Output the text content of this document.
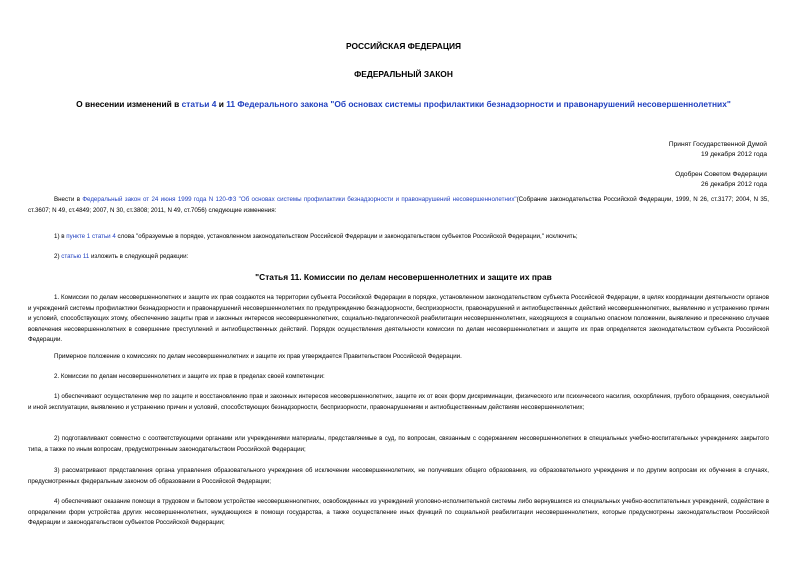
РОССИЙСКАЯ ФЕДЕРАЦИЯ
ФЕДЕРАЛЬНЫЙ ЗАКОН
О внесении изменений в статьи 4 и 11 Федерального закона "Об основах системы профилактики безнадзорности и правонарушений несовершеннолетних"
Принят Государственной Думой
19 декабря 2012 года
Одобрен Советом Федерации
26 декабря 2012 года
Внести в Федеральный закон от 24 июня 1999 года N 120-ФЗ "Об основах системы профилактики безнадзорности и правонарушений несовершеннолетних"(Собрание законодательства Российской Федерации, 1999, N 26, ст.3177; 2004, N 35, ст.3607; N 49, ст.4849; 2007, N 30, ст.3808; 2011, N 49, ст.7056) следующие изменения:
1) в пункте 1 статьи 4 слова "образуемые в порядке, установленном законодательством Российской Федерации и законодательством субъектов Российской Федерации," исключить;
2) статью 11 изложить в следующей редакции:
"Статья 11. Комиссии по делам несовершеннолетних и защите их прав
1. Комиссии по делам несовершеннолетних и защите их прав создаются на территории субъекта Российской Федерации в порядке, установленном законодательством субъекта Российской Федерации, в целях координации деятельности органов и учреждений системы профилактики безнадзорности и правонарушений несовершеннолетних по предупреждению безнадзорности, беспризорности, правонарушений и антиобщественных действий несовершеннолетних, выявлению и устранению причин и условий, способствующих этому, обеспечению защиты прав и законных интересов несовершеннолетних, социально-педагогической реабилитации несовершеннолетних, находящихся в социально опасном положении, выявлению и пресечению случаев вовлечения несовершеннолетних в совершение преступлений и антиобщественных действий. Порядок осуществления деятельности комиссии по делам несовершеннолетних и защите их прав определяется законодательством субъекта Российской Федерации.
Примерное положение о комиссиях по делам несовершеннолетних и защите их прав утверждается Правительством Российской Федерации.
2. Комиссии по делам несовершеннолетних и защите их прав в пределах своей компетенции:
1) обеспечивают осуществление мер по защите и восстановлению прав и законных интересов несовершеннолетних, защите их от всех форм дискриминации, физического или психического насилия, оскорбления, грубого обращения, сексуальной и иной эксплуатации, выявлению и устранению причин и условий, способствующих безнадзорности, беспризорности, правонарушениям и антиобщественным действиям несовершеннолетних;
2) подготавливают совместно с соответствующими органами или учреждениями материалы, представляемые в суд, по вопросам, связанным с содержанием несовершеннолетних в специальных учебно-воспитательных учреждениях закрытого типа, а также по иным вопросам, предусмотренным законодательством Российской Федерации;
3) рассматривают представления органа управления образовательного учреждения об исключении несовершеннолетних, не получивших общего образования, из образовательного учреждения и по другим вопросам их обучения в случаях, предусмотренных федеральным законом об образовании в Российской Федерации;
4) обеспечивают оказание помощи в трудовом и бытовом устройстве несовершеннолетних, освобожденных из учреждений уголовно-исполнительной системы либо вернувшихся из специальных учебно-воспитательных учреждений, содействие в определении форм устройства других несовершеннолетних, нуждающихся в помощи государства, а также осуществление иных функций по социальной реабилитации несовершеннолетних, которые предусмотрены законодательством Российской Федерации и законодательством субъектов Российской Федерации;
